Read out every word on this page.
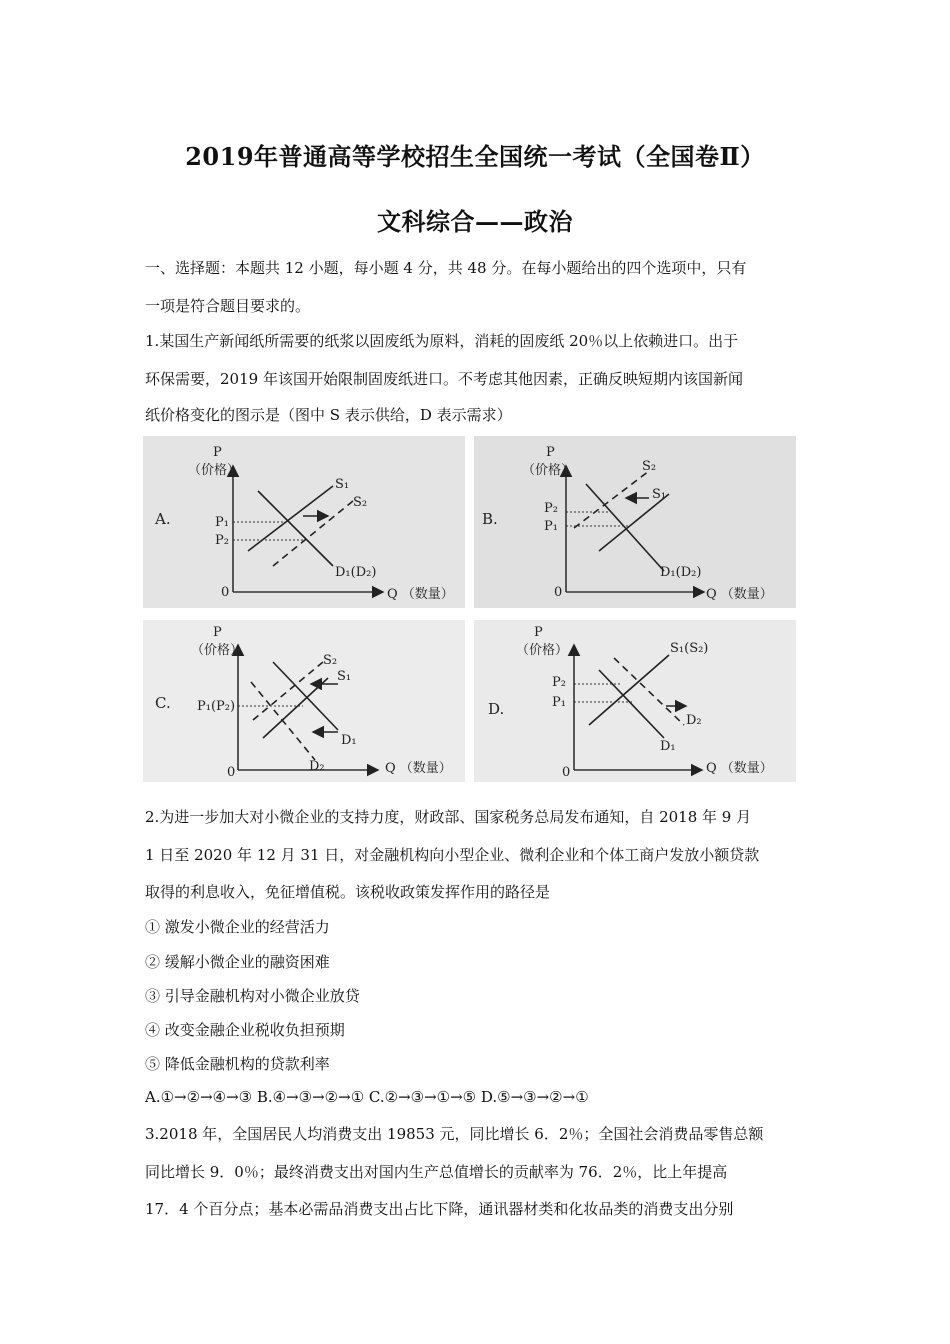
2019年普通高等学校招生全国统一考试（全国卷Ⅱ）
文科综合——政治
一、选择题：本题共 12 小题，每小题 4 分，共 48 分。在每小题给出的四个选项中，只有
一项是符合题目要求的。
1.某国生产新闻纸所需要的纸浆以固废纸为原料，消耗的固废纸 20％以上依赖进口。出于
环保需要，2019 年该国开始限制固废纸进口。不考虑其他因素，正确反映短期内该国新闻
纸价格变化的图示是（图中 S 表示供给，D 表示需求）
P
（价格）
0	Q （数量）
A.
S₁
S₂
P₁
P₂
D₁(D₂)
P
（价格）
0	Q （数量）
B.
S₂
S₁
P₂
P₁
D₁(D₂)
P
（价格）
0	Q （数量）
C.
S₂
S₁
P₁(P₂)
D₁
D₂
P
（价格）
0	Q （数量）
D.
S₁(S₂)
P₂
P₁
D₂
D₁
2.为进一步加大对小微企业的支持力度，财政部、国家税务总局发布通知，自 2018 年 9 月
1 日至 2020 年 12 月 31 日，对金融机构向小型企业、微利企业和个体工商户发放小额贷款
取得的利息收入，免征增值税。该税收政策发挥作用的路径是
① 激发小微企业的经营活力
② 缓解小微企业的融资困难
③ 引导金融机构对小微企业放贷
④ 改变金融企业税收负担预期
⑤ 降低金融机构的贷款利率
A.①→②→④→③ B.④→③→②→① C.②→③→①→⑤ D.⑤→③→②→①
3.2018 年，全国居民人均消费支出 19853 元，同比增长 6．2％；全国社会消费品零售总额
同比增长 9．0％；最终消费支出对国内生产总值增长的贡献率为 76．2％，比上年提高
17．4 个百分点；基本必需品消费支出占比下降，通讯器材类和化妆品类的消费支出分别
